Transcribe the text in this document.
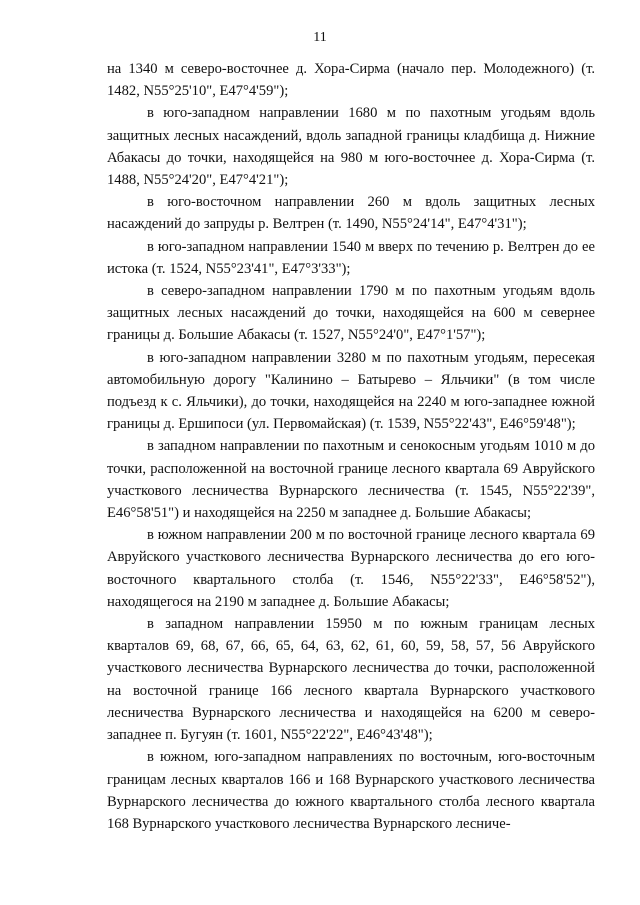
11

на 1340 м северо-восточнее д. Хора-Сирма (начало пер. Молодежного) (т. 1482, N55°25'10", E47°4'59");

в юго-западном направлении 1680 м по пахотным угодьям вдоль защитных лесных насаждений, вдоль западной границы кладбища д. Нижние Абакасы до точки, находящейся на 980 м юго-восточнее д. Хора-Сирма (т. 1488, N55°24'20", E47°4'21");

в юго-восточном направлении 260 м вдоль защитных лесных насаждений до запруды р. Велтрен (т. 1490, N55°24'14", E47°4'31");

в юго-западном направлении 1540 м вверх по течению р. Велтрен до ее истока (т. 1524, N55°23'41", E47°3'33");

в северо-западном направлении 1790 м по пахотным угодьям вдоль защитных лесных насаждений до точки, находящейся на 600 м севернее границы д. Большие Абакасы (т. 1527, N55°24'0", E47°1'57");

в юго-западном направлении 3280 м по пахотным угодьям, пересекая автомобильную дорогу "Калинино – Батырево – Яльчики" (в том числе подъезд к с. Яльчики), до точки, находящейся на 2240 м юго-западнее южной границы д. Ершипоси (ул. Первомайская) (т. 1539, N55°22'43", E46°59'48");

в западном направлении по пахотным и сенокосным угодьям 1010 м до точки, расположенной на восточной границе лесного квартала 69 Авруйского участкового лесничества Вурнарского лесничества (т. 1545, N55°22'39", E46°58'51") и находящейся на 2250 м западнее д. Большие Абакасы;

в южном направлении 200 м по восточной границе лесного квартала 69 Авруйского участкового лесничества Вурнарского лесничества до его юго-восточного квартального столба (т. 1546, N55°22'33", E46°58'52"), находящегося на 2190 м западнее д. Большие Абакасы;

в западном направлении 15950 м по южным границам лесных кварталов 69, 68, 67, 66, 65, 64, 63, 62, 61, 60, 59, 58, 57, 56 Авруйского участкового лесничества Вурнарского лесничества до точки, расположенной на восточной границе 166 лесного квартала Вурнарского участкового лесничества Вурнарского лесничества и находящейся на 6200 м северо-западнее п. Бугуян (т. 1601, N55°22'22", E46°43'48");

в южном, юго-западном направлениях по восточным, юго-восточным границам лесных кварталов 166 и 168 Вурнарского участкового лесничества Вурнарского лесничества до южного квартального столба лесного квартала 168 Вурнарского участкового лесничества Вурнарского лесниче-
